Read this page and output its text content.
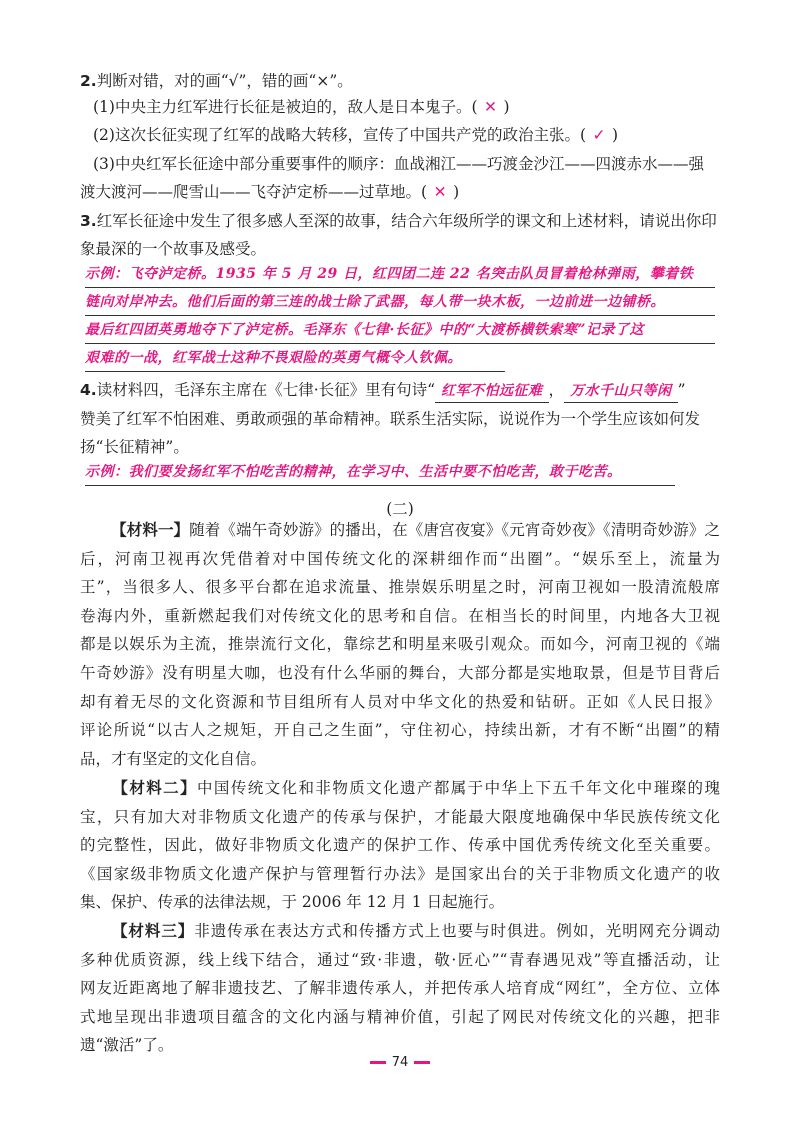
2.判断对错，对的画“√”，错的画“×”。
(1)中央主力红军进行长征是被迫的，敌人是日本鬼子。( ✕ )
(2)这次长征实现了红军的战略大转移，宣传了中国共产党的政治主张。( ✓ )
(3)中央红军长征途中部分重要事件的顺序：血战湘江——巧渡金沙江——四渡赤水——强
渡大渡河——爬雪山——飞夺泸定桥——过草地。( ✕ )
3.红军长征途中发生了很多感人至深的故事，结合六年级所学的课文和上述材料，请说出你印
象最深的一个故事及感受。
示例：飞夺泸定桥。1935 年 5 月 29 日，红四团二连 22 名突击队员冒着枪林弹雨，攀着铁
链向对岸冲去。他们后面的第三连的战士除了武器，每人带一块木板，一边前进一边铺桥。
最后红四团英勇地夺下了泸定桥。毛泽东《七律·长征》中的“大渡桥横铁索寒”记录了这
艰难的一战，红军战士这种不畏艰险的英勇气概令人钦佩。
4.读材料四，毛泽东主席在《七律·长征》里有句诗“ 红军不怕远征难 ， 万水千山只等闲 ”
赞美了红军不怕困难、勇敢顽强的革命精神。联系生活实际，说说作为一个学生应该如何发
扬“长征精神”。
示例：我们要发扬红军不怕吃苦的精神，在学习中、生活中要不怕吃苦，敢于吃苦。
(二)

【材料一】随着《端午奇妙游》的播出，在《唐宫夜宴》《元宵奇妙夜》《清明奇妙游》之

后，河南卫视再次凭借着对中国传统文化的深耕细作而“出圈”。“娱乐至上，流量为

王”，当很多人、很多平台都在追求流量、推崇娱乐明星之时，河南卫视如一股清流般席

卷海内外，重新燃起我们对传统文化的思考和自信。在相当长的时间里，内地各大卫视

都是以娱乐为主流，推崇流行文化，靠综艺和明星来吸引观众。而如今，河南卫视的《端

午奇妙游》没有明星大咖，也没有什么华丽的舞台，大部分都是实地取景，但是节目背后

却有着无尽的文化资源和节目组所有人员对中华文化的热爱和钻研。正如《人民日报》

评论所说“以古人之规矩，开自己之生面”，守住初心，持续出新，才有不断“出圈”的精

品，才有坚定的文化自信。

【材料二】中国传统文化和非物质文化遗产都属于中华上下五千年文化中璀璨的瑰

宝，只有加大对非物质文化遗产的传承与保护，才能最大限度地确保中华民族传统文化

的完整性，因此，做好非物质文化遗产的保护工作、传承中国优秀传统文化至关重要。

《国家级非物质文化遗产保护与管理暂行办法》是国家出台的关于非物质文化遗产的收

集、保护、传承的法律法规，于 2006 年 12 月 1 日起施行。

【材料三】非遗传承在表达方式和传播方式上也要与时俱进。例如，光明网充分调动

多种优质资源，线上线下结合，通过“致·非遗，敬·匠心”“青春遇见戏”等直播活动，让

网友近距离地了解非遗技艺、了解非遗传承人，并把传承人培育成“网红”，全方位、立体

式地呈现出非遗项目蕴含的文化内涵与精神价值，引起了网民对传统文化的兴趣，把非

遗“激活”了。

74
